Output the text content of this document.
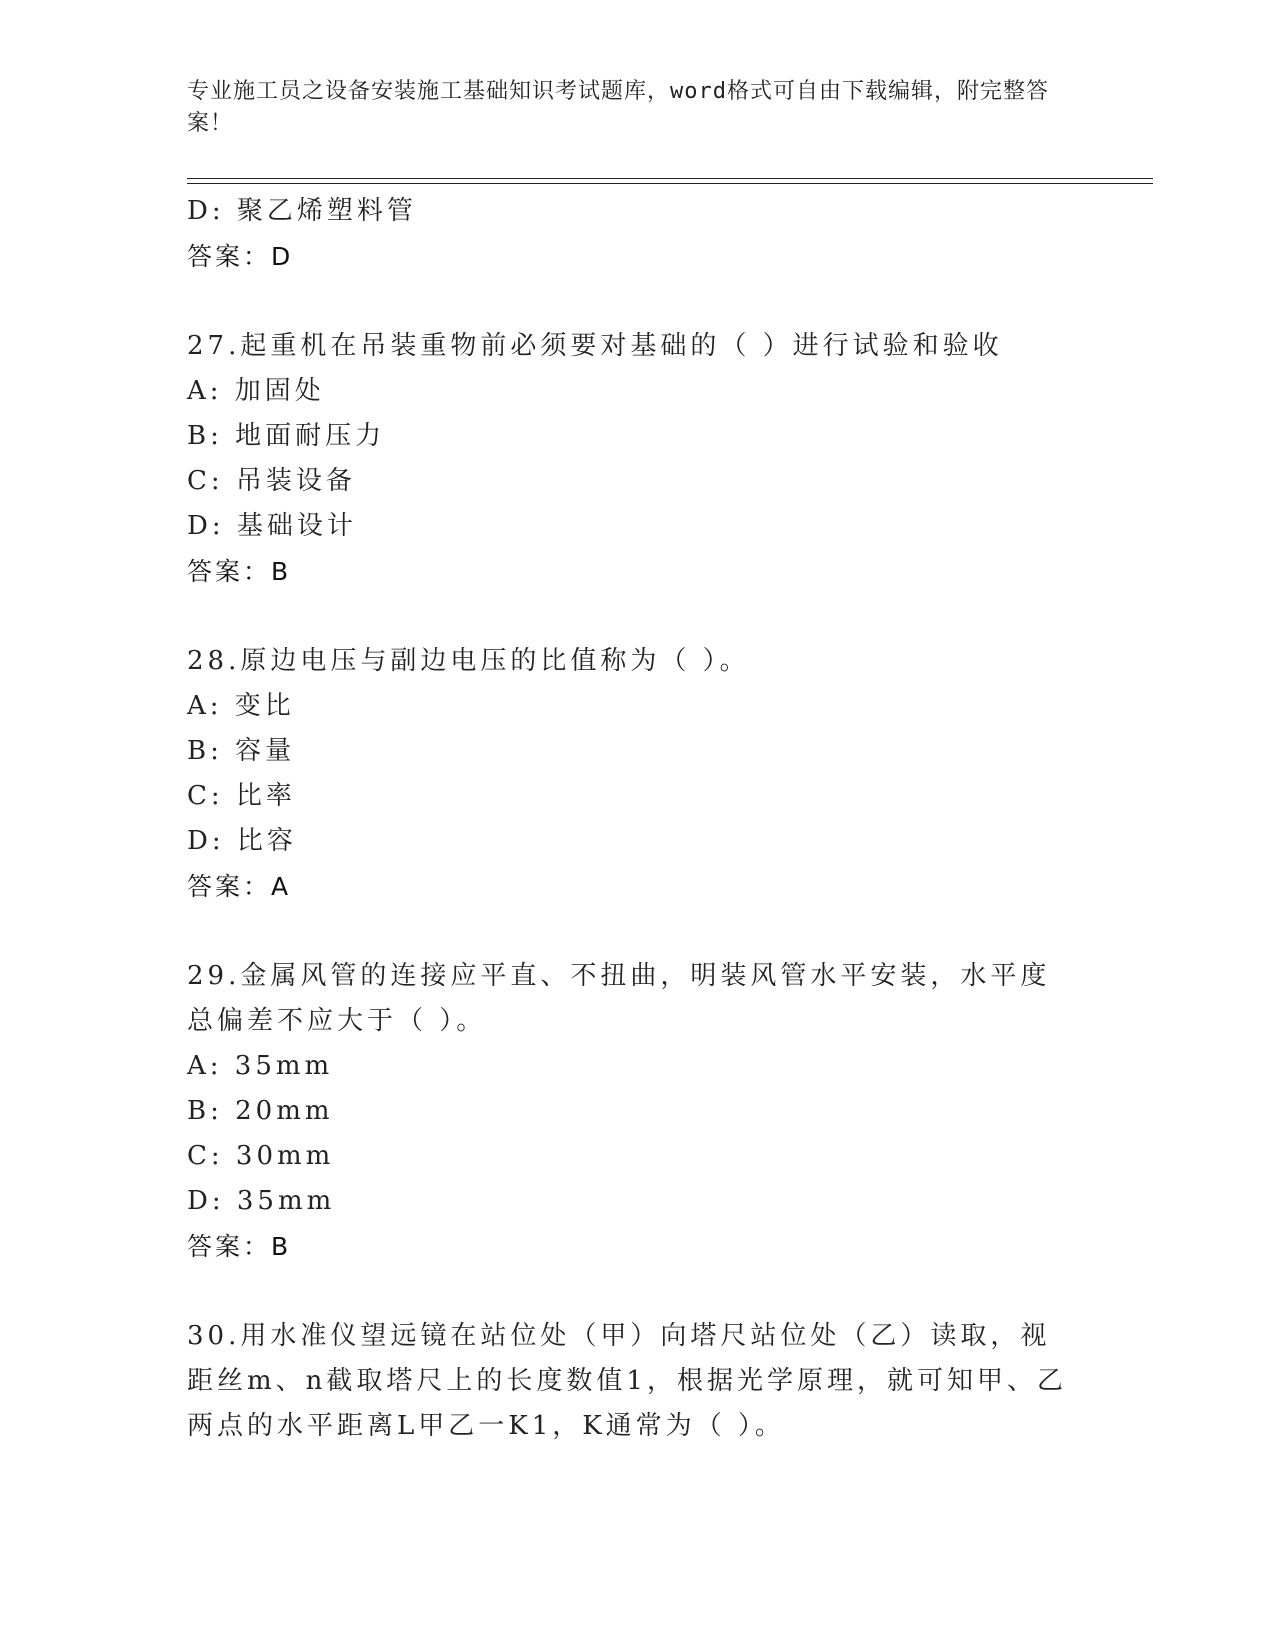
专业施工员之设备安装施工基础知识考试题库，word格式可自由下载编辑，附完整答案！
D: 聚乙烯塑料管
答案：D
27.起重机在吊装重物前必须要对基础的（ ）进行试验和验收
A: 加固处
B: 地面耐压力
C: 吊装设备
D: 基础设计
答案：B
28.原边电压与副边电压的比值称为（ ）。
A: 变比
B: 容量
C: 比率
D: 比容
答案：A
29.金属风管的连接应平直、不扭曲，明装风管水平安装，水平度总偏差不应大于（ ）。
A: 35mm
B: 20mm
C: 30mm
D: 35mm
答案：B
30.用水准仪望远镜在站位处（甲）向塔尺站位处（乙）读取，视距丝m、n截取塔尺上的长度数值1，根据光学原理，就可知甲、乙两点的水平距离L甲乙一K1，K通常为（ ）。
